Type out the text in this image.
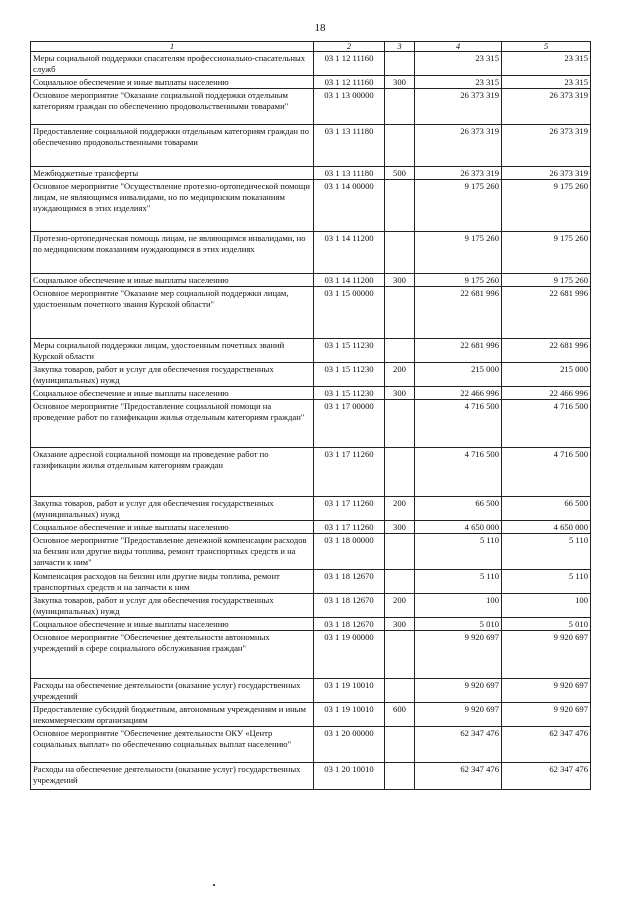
18
1	2	3	4	5
Меры социальной поддержки спасателям профессионально-спасательных служб	03 1 12 11160		23 315	23 315
Социальное обеспечение и иные выплаты населению	03 1 12 11160	300	23 315	23 315
Основное мероприятие "Оказание социальной поддержки отдельным категориям граждан по обеспечению продовольственными товарами"	03 1 13 00000		26 373 319	26 373 319
Предоставление социальной поддержки отдельным категориям граждан по обеспечению продовольственными товарами	03 1 13 11180		26 373 319	26 373 319
Межбюджетные трансферты	03 1 13 11180	500	26 373 319	26 373 319
Основное мероприятие "Осуществление протезно-ортопедической помощи лицам, не являющимся инвалидами, но по медицинским показаниям нуждающимся в этих изделиях"	03 1 14 00000		9 175 260	9 175 260
Протезно-ортопедическая помощь лицам, не являющимся инвалидами, но по медицинским показаниям нуждающимся в этих изделиях	03 1 14 11200		9 175 260	9 175 260
Социальное обеспечение и иные выплаты населению	03 1 14 11200	300	9 175 260	9 175 260
Основное мероприятие "Оказание мер социальной поддержки лицам, удостоенным почетного звания Курской области"	03 1 15 00000		22 681 996	22 681 996
Меры социальной поддержки лицам, удостоенным почетных званий Курской области	03 1 15 11230		22 681 996	22 681 996
Закупка товаров, работ и услуг для обеспечения государственных (муниципальных) нужд	03 1 15 11230	200	215 000	215 000
Социальное обеспечение и иные выплаты населению	03 1 15 11230	300	22 466 996	22 466 996
Основное мероприятие "Предоставление социальной помощи на проведение работ по газификации жилья отдельным категориям граждан"	03 1 17 00000		4 716 500	4 716 500
Оказание адресной социальной помощи на проведение работ по газификации жилья отдельным категориям граждан	03 1 17 11260		4 716 500	4 716 500
Закупка товаров, работ и услуг для обеспечения государственных (муниципальных) нужд	03 1 17 11260	200	66 500	66 500
Социальное обеспечение и иные выплаты населению	03 1 17 11260	300	4 650 000	4 650 000
Основное мероприятие "Предоставление денежной компенсации расходов на бензин или другие виды топлива, ремонт транспортных средств и на запчасти к ним"	03 1 18 00000		5 110	5 110
Компенсация расходов на бензин или другие виды топлива, ремонт транспортных средств и на запчасти к ним	03 1 18 12670		5 110	5 110
Закупка товаров, работ и услуг для обеспечения государственных (муниципальных) нужд	03 1 18 12670	200	100	100
Социальное обеспечение и иные выплаты населению	03 1 18 12670	300	5 010	5 010
Основное мероприятие "Обеспечение деятельности автономных учреждений в сфере социального обслуживания граждан"	03 1 19 00000		9 920 697	9 920 697
Расходы на обеспечение деятельности (оказание услуг) государственных учреждений	03 1 19 10010		9 920 697	9 920 697
Предоставление субсидий бюджетным, автономным учреждениям и иным некоммерческим организациям	03 1 19 10010	600	9 920 697	9 920 697
Основное мероприятие "Обеспечение деятельности ОКУ «Центр социальных выплат» по обеспечению социальных выплат населению"	03 1 20 00000		62 347 476	62 347 476
Расходы на обеспечение деятельности (оказание услуг) государственных учреждений	03 1 20 10010		62 347 476	62 347 476
